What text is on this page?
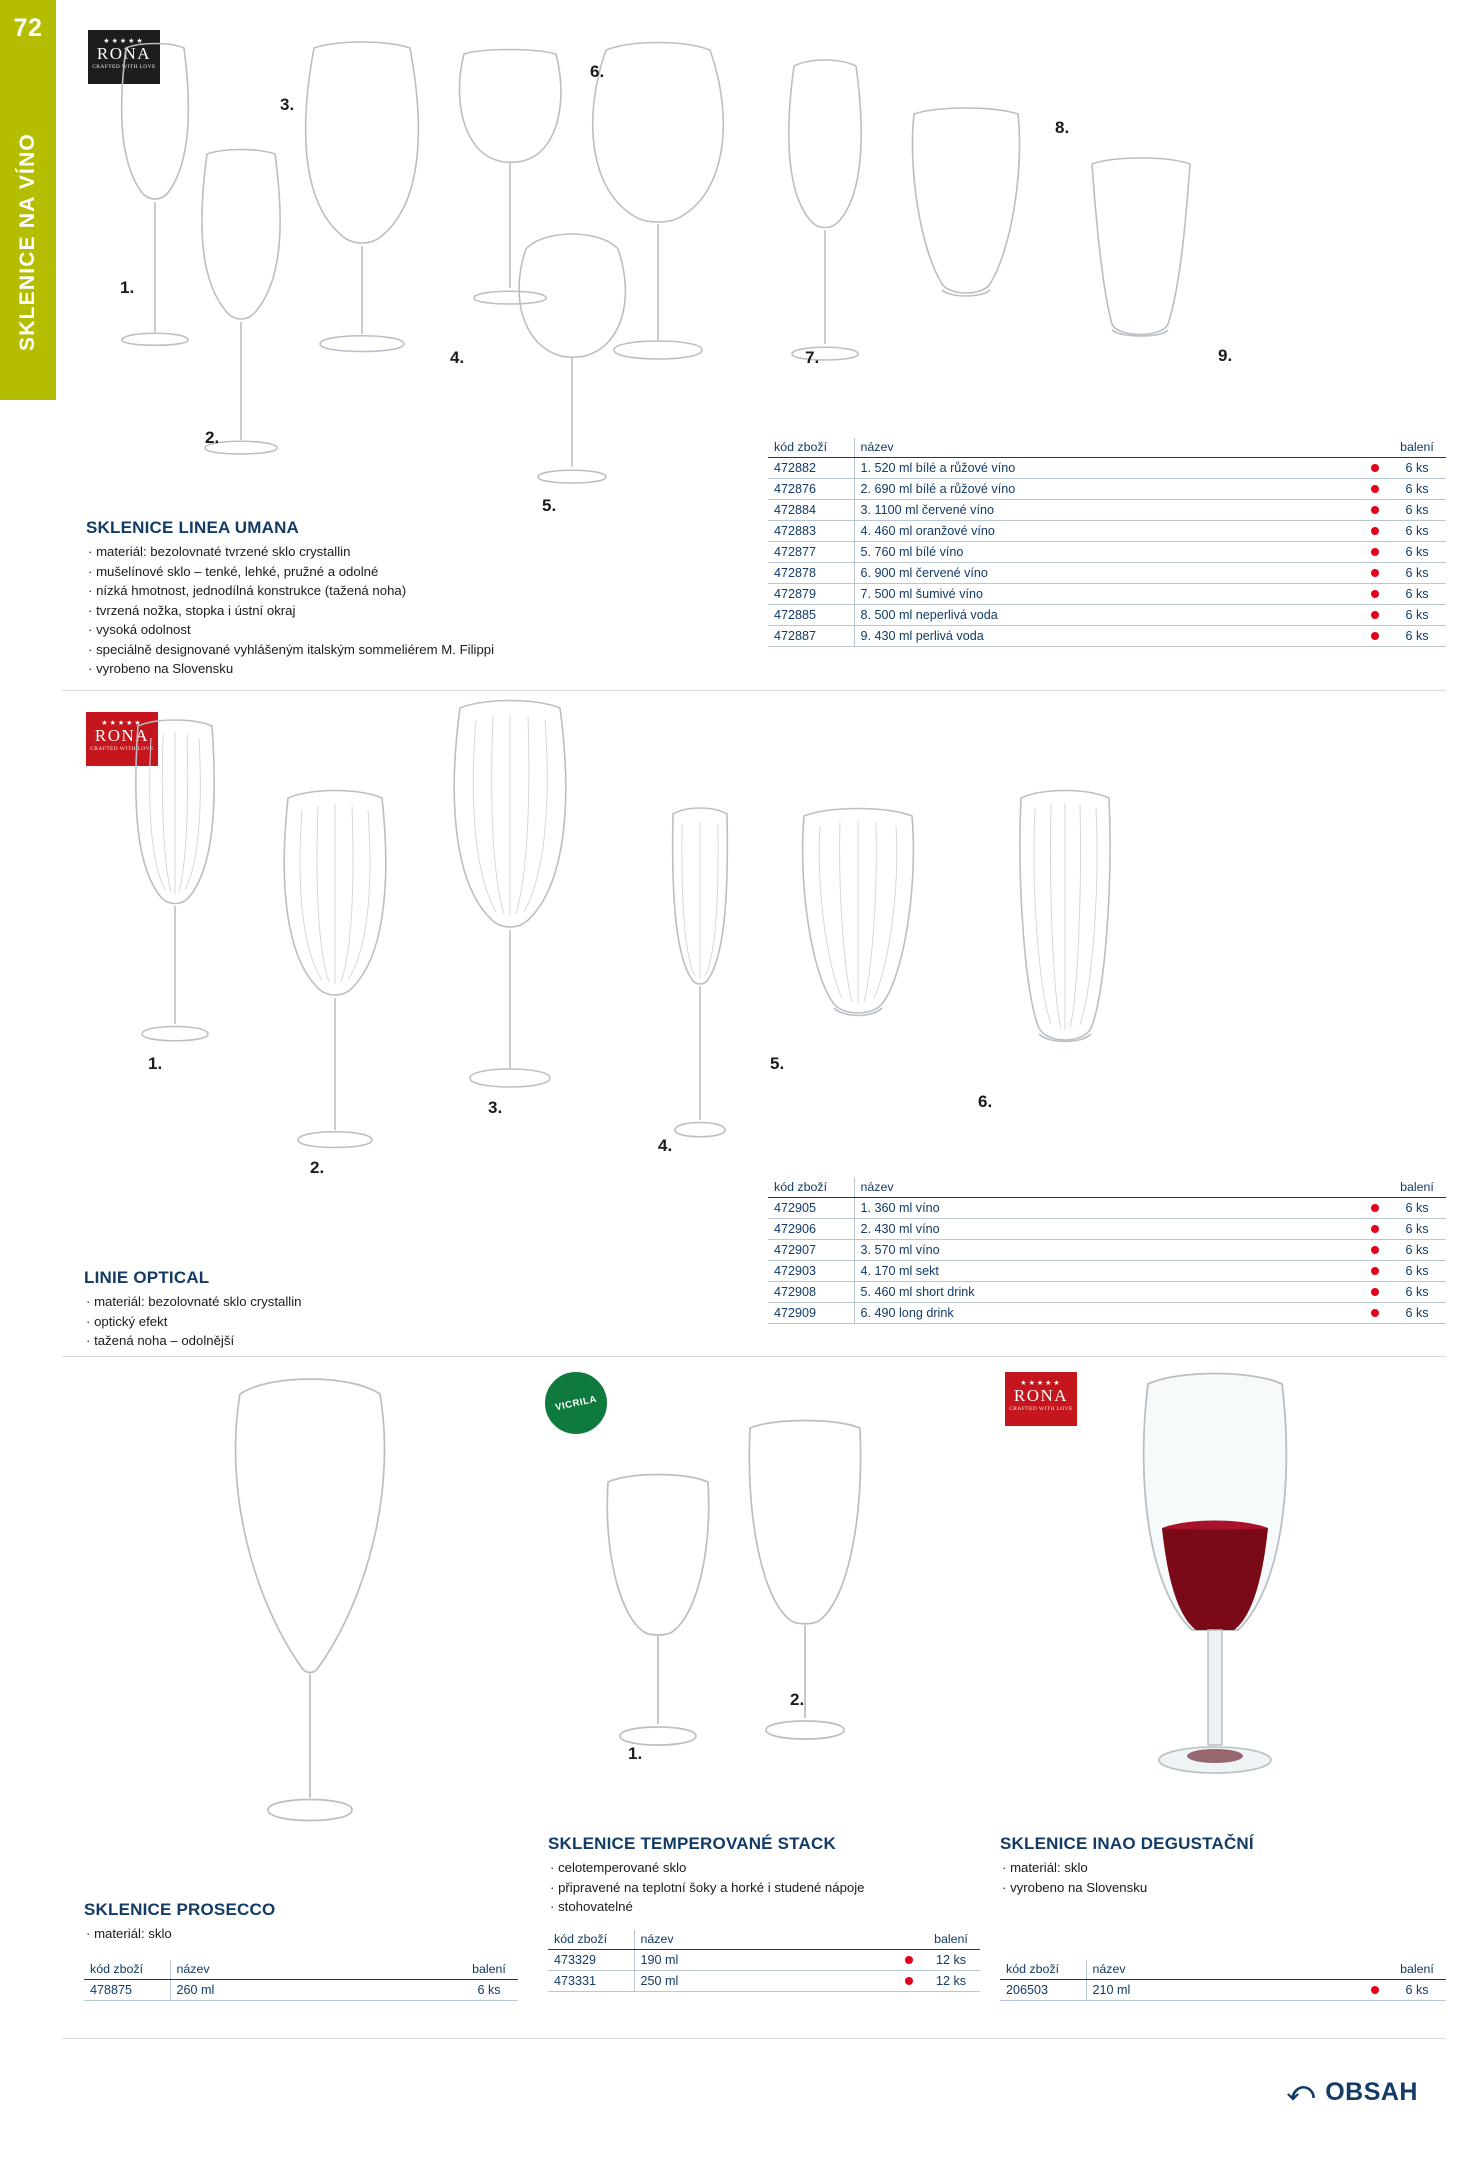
72
SKLENICE NA VÍNO
★★★★★
RONA
CRAFTED WITH LOVE
1.
2.
3.
4.
5.
6.
7.
8.
9.
SKLENICE LINEA UMANA
· materiál: bezolovnaté tvrzené sklo crystallin
· mušelínové sklo – tenké, lehké, pružné a odolné
· nízká hmotnost, jednodílná konstrukce (tažená noha)
· tvrzená nožka, stopka i ústní okraj
· vysoká odolnost
· speciálně designované vyhlášeným italským sommeliérem M. Filippi
· vyrobeno na Slovensku
kód zboží	název		balení
472882	1. 520 ml bílé a růžové víno		6 ks
472876	2. 690 ml bílé a růžové víno		6 ks
472884	3. 1100 ml červené víno		6 ks
472883	4. 460 ml oranžové víno		6 ks
472877	5. 760 ml bílé víno		6 ks
472878	6. 900 ml červené víno		6 ks
472879	7. 500 ml šumivé víno		6 ks
472885	8. 500 ml neperlivá voda		6 ks
472887	9. 430 ml perlivá voda		6 ks
★★★★★
RONA
CRAFTED WITH LOVE
1.
2.
3.
4.
5.
6.
LINIE OPTICAL
· materiál: bezolovnaté sklo crystallin
· optický efekt
· tažená noha – odolnější
kód zboží	název		balení
472905	1. 360 ml víno		6 ks
472906	2. 430 ml víno		6 ks
472907	3. 570 ml víno		6 ks
472903	4. 170 ml sekt		6 ks
472908	5. 460 ml short drink		6 ks
472909	6. 490 long drink		6 ks
SKLENICE PROSECCO
· materiál: sklo
kód zboží	název	balení
478875	260 ml	6 ks
VICRILA
1.
2.
SKLENICE TEMPEROVANÉ STACK
· celotemperované sklo
· připravené na teplotní šoky a horké i studené nápoje
· stohovatelné
kód zboží	název		balení
473329	190 ml		12 ks
473331	250 ml		12 ks
★★★★★
RONA
CRAFTED WITH LOVE
SKLENICE INAO DEGUSTAČNÍ
· materiál: sklo
· vyrobeno na Slovensku
kód zboží	název		balení
206503	210 ml		6 ks
⤺ OBSAH
